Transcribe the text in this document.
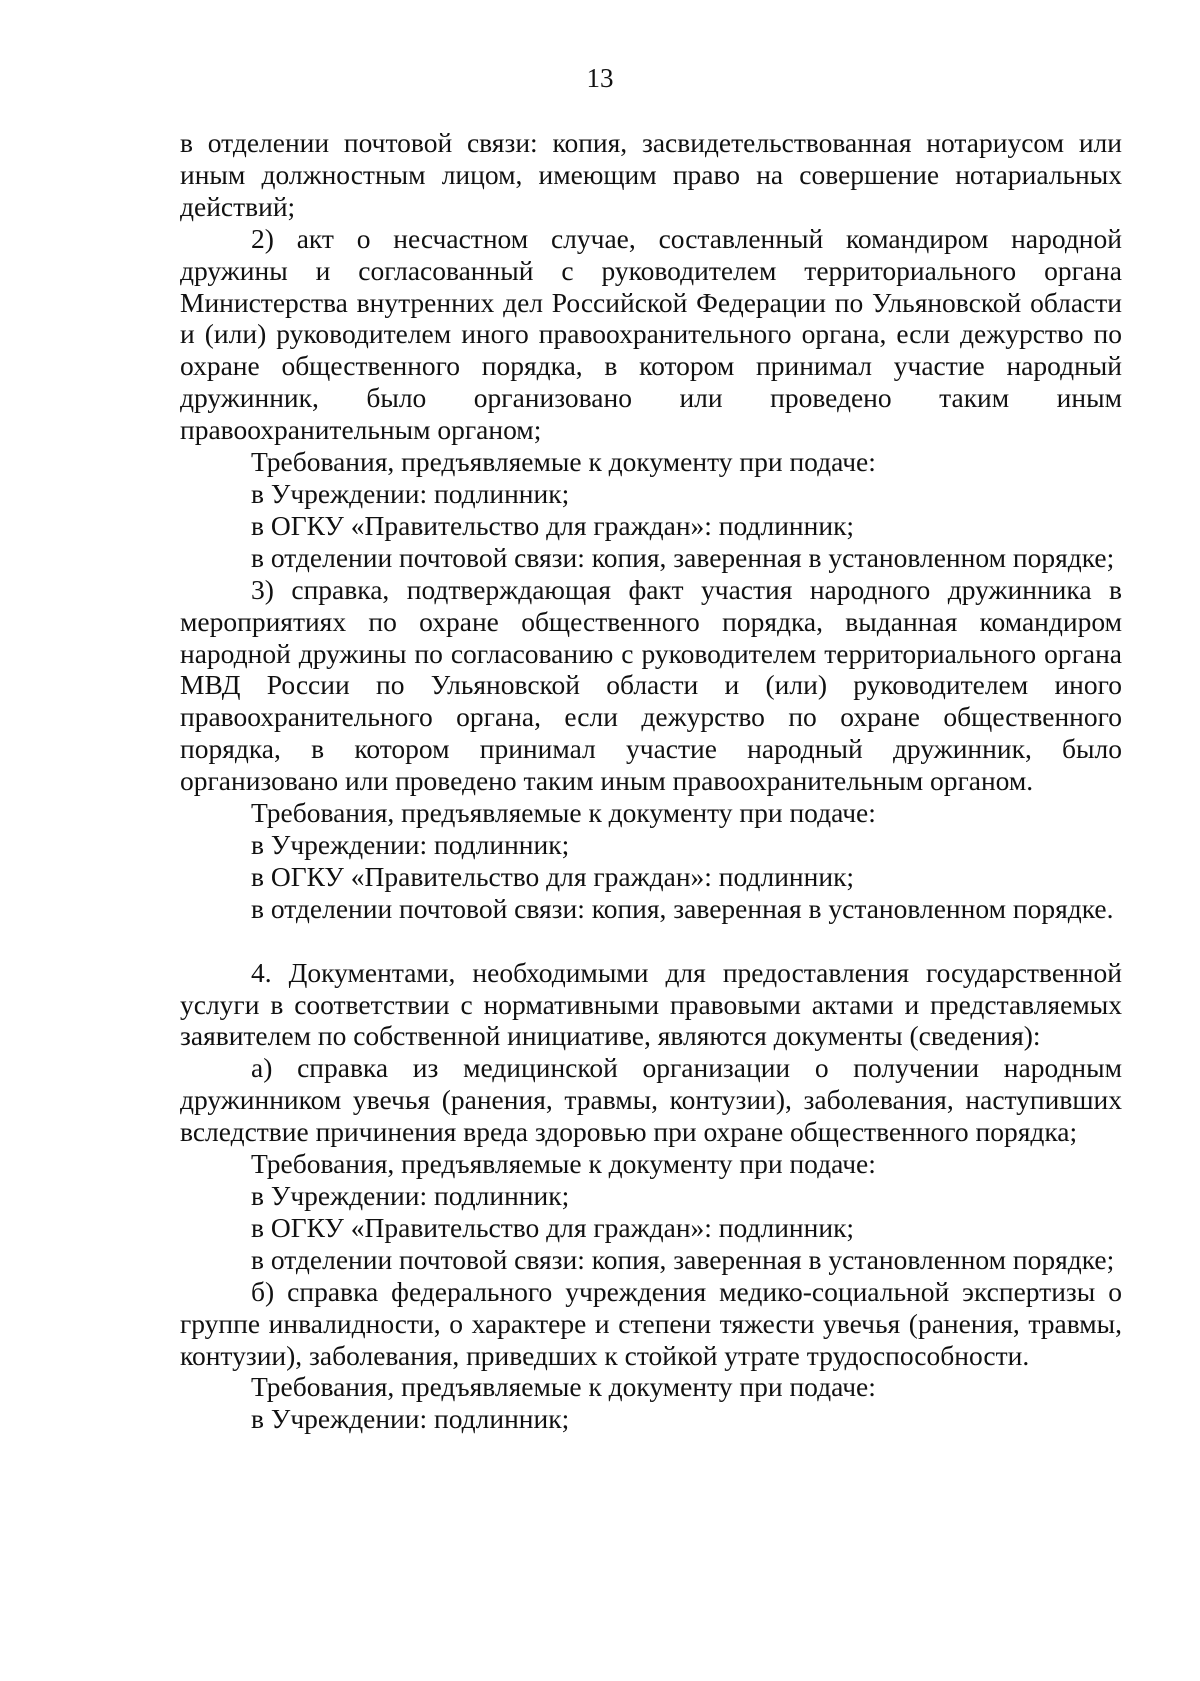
13

в отделении почтовой связи: копия, засвидетельствованная нотариусом или иным должностным лицом, имеющим право на совершение нотариальных действий;

2) акт о несчастном случае, составленный командиром народной дружины и согласованный с руководителем территориального органа Министерства внутренних дел Российской Федерации по Ульяновской области и (или) руководителем иного правоохранительного органа, если дежурство по охране общественного порядка, в котором принимал участие народный дружинник, было организовано или проведено таким иным правоохранительным органом;

Требования, предъявляемые к документу при подаче:

в Учреждении: подлинник;

в ОГКУ «Правительство для граждан»: подлинник;

в отделении почтовой связи: копия, заверенная в установленном порядке;

3) справка, подтверждающая факт участия народного дружинника в мероприятиях по охране общественного порядка, выданная командиром народной дружины по согласованию с руководителем территориального органа МВД России по Ульяновской области и (или) руководителем иного правоохранительного органа, если дежурство по охране общественного порядка, в котором принимал участие народный дружинник, было организовано или проведено таким иным правоохранительным органом.

Требования, предъявляемые к документу при подаче:

в Учреждении: подлинник;

в ОГКУ «Правительство для граждан»: подлинник;

в отделении почтовой связи: копия, заверенная в установленном порядке.

4. Документами, необходимыми для предоставления государственной услуги в соответствии с нормативными правовыми актами и представляемых заявителем по собственной инициативе, являются документы (сведения):

а) справка из медицинской организации о получении народным дружинником увечья (ранения, травмы, контузии), заболевания, наступивших вследствие причинения вреда здоровью при охране общественного порядка;

Требования, предъявляемые к документу при подаче:

в Учреждении: подлинник;

в ОГКУ «Правительство для граждан»: подлинник;

в отделении почтовой связи: копия, заверенная в установленном порядке;

б) справка федерального учреждения медико-социальной экспертизы о группе инвалидности, о характере и степени тяжести увечья (ранения, травмы, контузии), заболевания, приведших к стойкой утрате трудоспособности.

Требования, предъявляемые к документу при подаче:

в Учреждении: подлинник;
